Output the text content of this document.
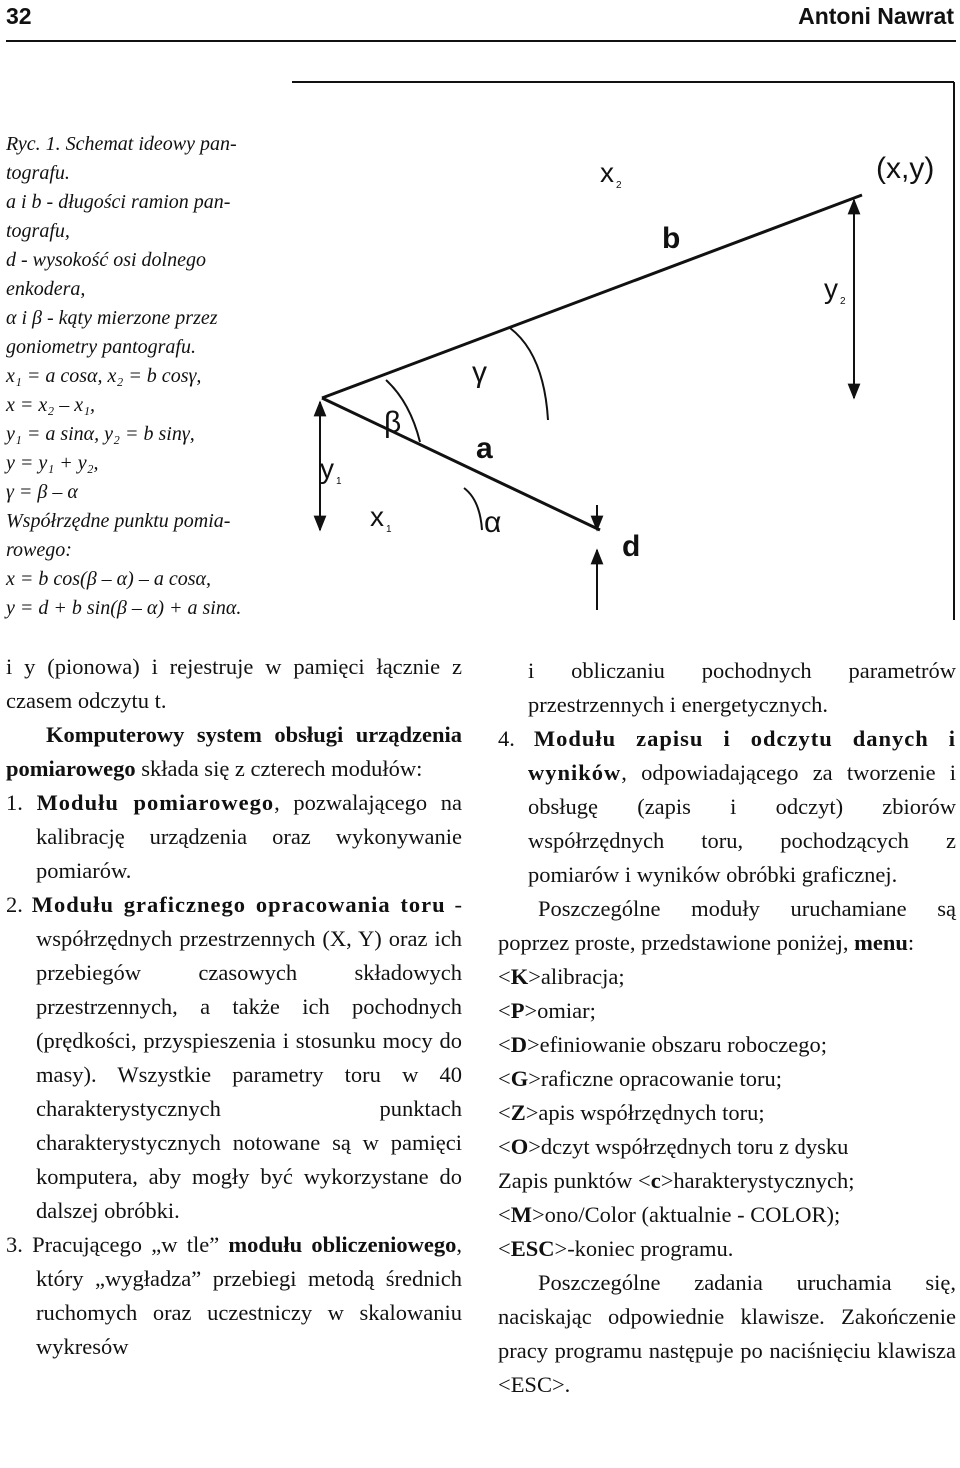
32	Antoni Nawrat
Ryc. 1. Schemat ideowy pan-
tografu.
a i b - długości ramion pan-
tografu,
d - wysokość osi dolnego
enkodera,
α i β - kąty mierzone przez
goniometry pantografu.
x₁ = a cosα, x₂ = b cosγ,
x = x₂ – x₁,
y₁ = a sinα, y₂ = b sinγ,
y = y₁ + y₂,
γ = β – α
Współrzędne punktu pomia-
rowego:
x = b cos(β – α) – a cosα,
y = d + b sin(β – α) + a sinα.
x $_2$
(x,y)
b
y $_2$
γ
β
a
y $_1$
x $_1$	α
d

i y (pionowa) i rejestruje w pamięci łącznie z czasem odczytu t.

Komputerowy system obsługi urządzenia pomiarowego składa się z czterech modułów:

1. Modułu pomiarowego, pozwalającego na kalibrację urządzenia oraz wykonywanie pomiarów.

2. Modułu graficznego opracowania toru - współrzędnych przestrzennych (X, Y) oraz ich przebiegów czasowych składowych przestrzennych, a także ich pochodnych (prędkości, przyspieszenia i stosunku mocy do masy). Wszystkie parametry toru w 40 charakterystycznych punktach charakterystycznych notowane są w pamięci komputera, aby mogły być wykorzystane do dalszej obróbki.

3. Pracującego „w tle” modułu obliczeniowego, który „wygładza” przebiegi metodą średnich ruchomych oraz uczestniczy w skalowaniu wykresów

i obliczaniu pochodnych parametrów przestrzennych i energetycznych.

4. Modułu zapisu i odczytu danych i wyników, odpowiadającego za tworzenie i obsługę (zapis i odczyt) zbiorów współrzędnych toru, pochodzących z pomiarów i wyników obróbki graficznej.

Poszczególne moduły uruchamiane są poprzez proste, przedstawione poniżej, menu:

<K>alibracja;

<P>omiar;

<D>efiniowanie obszaru roboczego;

<G>raficzne opracowanie toru;

<Z>apis współrzędnych toru;

<O>dczyt współrzędnych toru z dysku

Zapis punktów <c>harakterystycznych;

<M>ono/Color (aktualnie - COLOR);

<ESC>-koniec programu.

Poszczególne zadania uruchamia się, naciskając odpowiednie klawisze. Zakończenie pracy programu następuje po naciśnięciu klawisza <ESC>.
